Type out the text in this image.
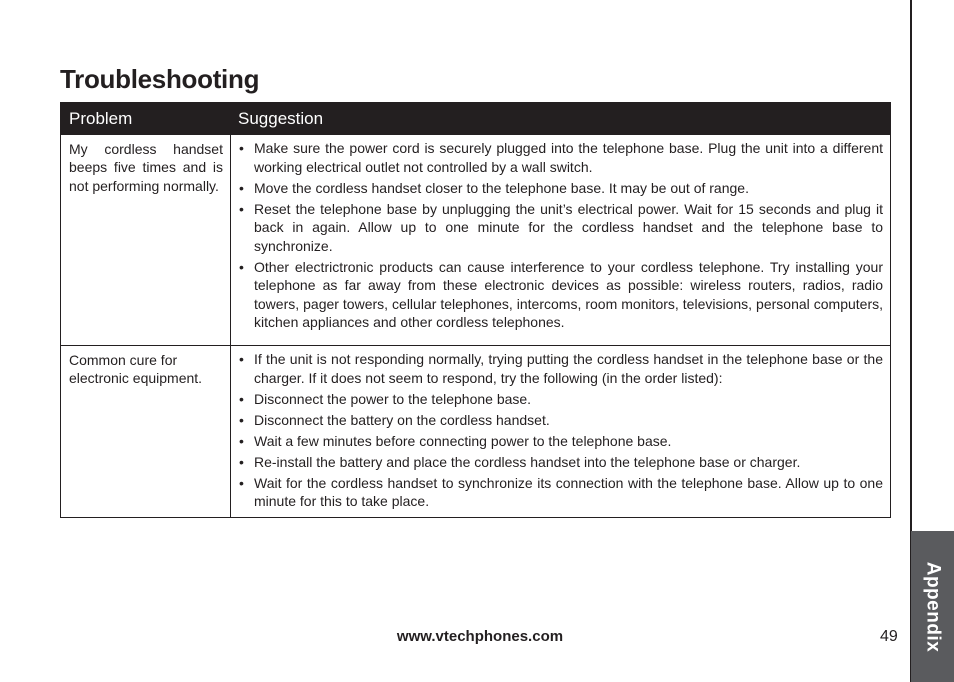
Appendix
Troubleshooting
Problem	Suggestion
My cordless handset beeps five times and is not performing normally.
• Make sure the power cord is securely plugged into the telephone base. Plug the unit into a different working electrical outlet not controlled by a wall switch.
• Move the cordless handset closer to the telephone base. It may be out of range.
• Reset the telephone base by unplugging the unit’s electrical power. Wait for 15 seconds and plug it back in again. Allow up to one minute for the cordless handset and the telephone base to synchronize.
• Other electrictronic products can cause interference to your cordless telephone. Try installing your telephone as far away from these electronic devices as possible: wireless routers, radios, radio towers, pager towers, cellular telephones, intercoms, room monitors, televisions, personal computers, kitchen appliances and other cordless telephones.
Common cure for electronic equipment.
• If the unit is not responding normally, trying putting the cordless handset in the telephone base or the charger. If it does not seem to respond, try the following (in the order listed):
• Disconnect the power to the telephone base.
• Disconnect the battery on the cordless handset.
• Wait a few minutes before connecting power to the telephone base.
• Re-install the battery and place the cordless handset into the telephone base or charger.
• Wait for the cordless handset to synchronize its connection with the telephone base. Allow up to one minute for this to take place.
www.vtechphones.com	49
